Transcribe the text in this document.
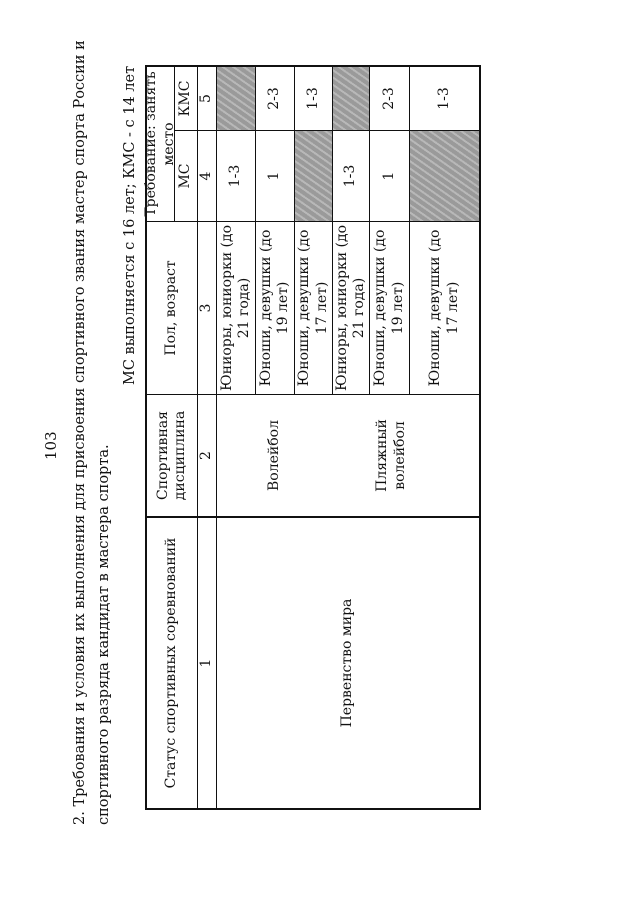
103 2. Требования и условия их выполнения для присвоения спортивного звания мастер спорта России и спортивного разряда кандидат в мастера спорта.
МС выполняется с 16 лет; КМС - с 14 лет
Статус спортивных соревнований
Спортивная дисциплина
Пол, возраст
Требование: занять место
МС
КМС
1
2
3
4
5
Первенство мира
Волейбол
Юниоры, юниорки (до 21 года)
1-3
Юноши, девушки (до 19 лет)
1
2-3
Юноши, девушки (до 17 лет)
1-3
Пляжный волейбол
Юниоры, юниорки (до 21 года)
1-3
Юноши, девушки (до 19 лет)
1
2-3
Юноши, девушки (до 17 лет)
1-3
